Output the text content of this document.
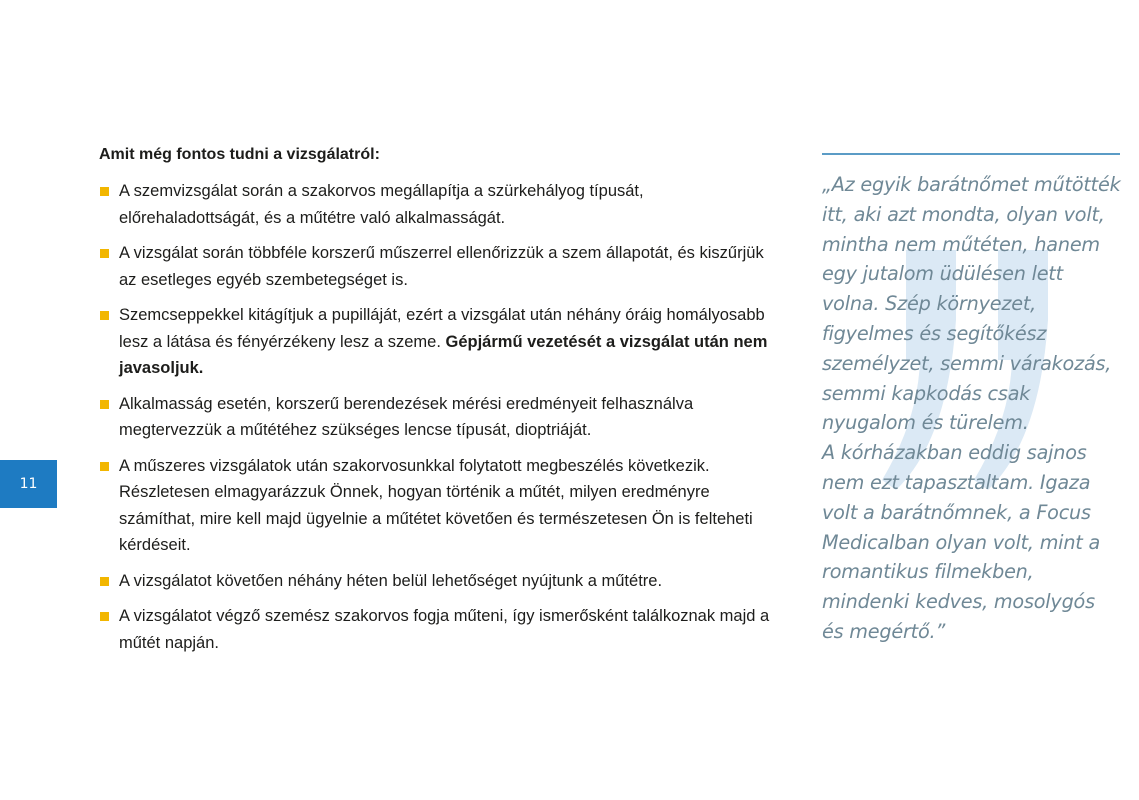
11
Amit még fontos tudni a vizsgálatról:
A szemvizsgálat során a szakorvos megállapítja a szürkehályog típusát, előrehaladottságát, és a műtétre való alkalmasságát.
A vizsgálat során többféle korszerű műszerrel ellenőrizzük a szem állapotát, és kiszűrjük az esetleges egyéb szembetegséget is.
Szemcseppekkel kitágítjuk a pupilláját, ezért a vizsgálat után néhány óráig homályosabb lesz a látása és fényérzékeny lesz a szeme. Gépjármű vezetését a vizsgálat után nem javasoljuk.
Alkalmasság esetén, korszerű berendezések mérési eredményeit felhasználva megtervezzük a műtétéhez szükséges lencse típusát, dioptriáját.
A műszeres vizsgálatok után szakorvosunkkal folytatott megbeszélés következik. Részletesen elmagyarázzuk Önnek, hogyan történik a műtét, milyen eredményre számíthat, mire kell majd ügyelnie a műtétet követően és természetesen Ön is felteheti kérdéseit.
A vizsgálatot követően néhány héten belül lehetőséget nyújtunk a műtétre.
A vizsgálatot végző szemész szakorvos fogja műteni, így ismerősként találkoznak majd a műtét napján.
„Az egyik barátnőmet műtötték itt, aki azt mondta, olyan volt, mintha nem műtéten, hanem egy jutalom üdülésen lett volna. Szép környezet, figyelmes és segítőkész személyzet, semmi várakozás, semmi kapkodás csak nyugalom és türelem.
A kórházakban eddig sajnos nem ezt tapasztaltam. Igaza volt a barátnőmnek, a Focus Medicalban olyan volt, mint a romantikus filmekben, mindenki kedves, mosolygós és megértő.”
